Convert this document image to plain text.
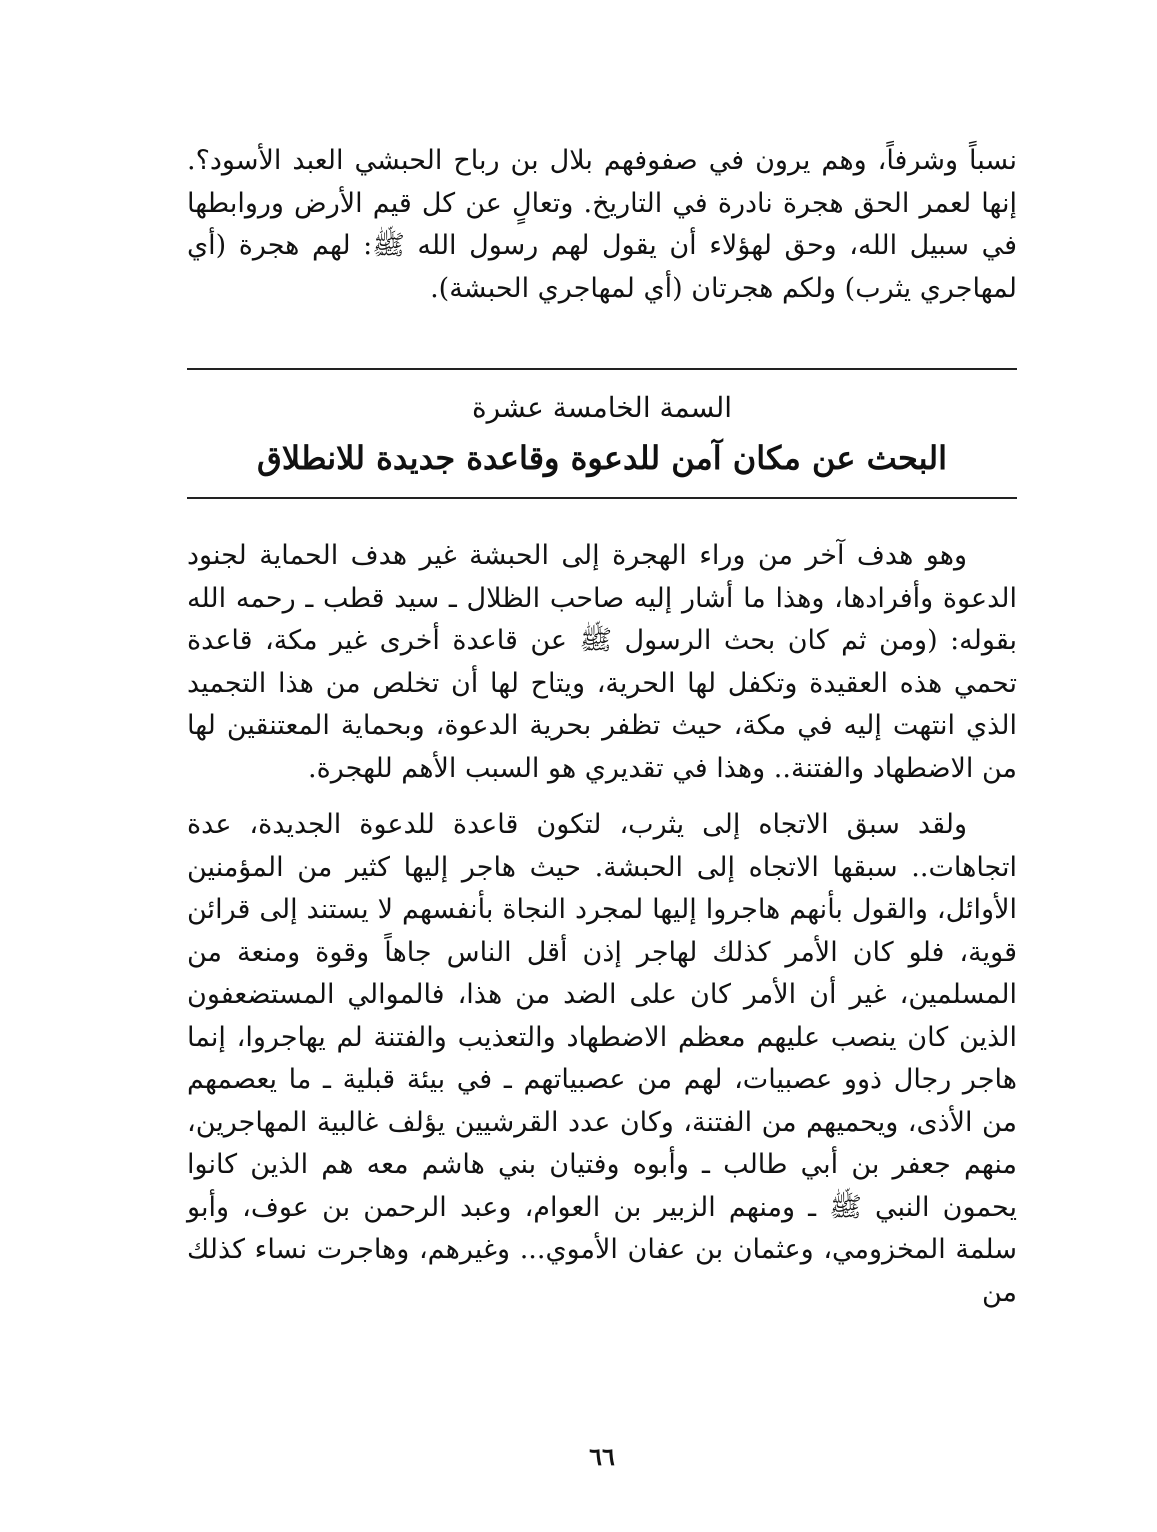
نسباً وشرفاً، وهم يرون في صفوفهم بلال بن رباح الحبشي العبد الأسود؟. إنها لعمر الحق هجرة نادرة في التاريخ. وتعالٍ عن كل قيم الأرض وروابطها في سبيل الله، وحق لهؤلاء أن يقول لهم رسول الله ﷺ: لهم هجرة (أي لمهاجري يثرب) ولكم هجرتان (أي لمهاجري الحبشة).

السمة الخامسة عشرة
البحث عن مكان آمن للدعوة وقاعدة جديدة للانطلاق

وهو هدف آخر من وراء الهجرة إلى الحبشة غير هدف الحماية لجنود الدعوة وأفرادها، وهذا ما أشار إليه صاحب الظلال ـ سيد قطب ـ رحمه الله بقوله: (ومن ثم كان بحث الرسول ﷺ عن قاعدة أخرى غير مكة، قاعدة تحمي هذه العقيدة وتكفل لها الحرية، ويتاح لها أن تخلص من هذا التجميد الذي انتهت إليه في مكة، حيث تظفر بحرية الدعوة، وبحماية المعتنقين لها من الاضطهاد والفتنة.. وهذا في تقديري هو السبب الأهم للهجرة.

ولقد سبق الاتجاه إلى يثرب، لتكون قاعدة للدعوة الجديدة، عدة اتجاهات.. سبقها الاتجاه إلى الحبشة. حيث هاجر إليها كثير من المؤمنين الأوائل، والقول بأنهم هاجروا إليها لمجرد النجاة بأنفسهم لا يستند إلى قرائن قوية، فلو كان الأمر كذلك لهاجر إذن أقل الناس جاهاً وقوة ومنعة من المسلمين، غير أن الأمر كان على الضد من هذا، فالموالي المستضعفون الذين كان ينصب عليهم معظم الاضطهاد والتعذيب والفتنة لم يهاجروا، إنما هاجر رجال ذوو عصبيات، لهم من عصبياتهم ـ في بيئة قبلية ـ ما يعصمهم من الأذى، ويحميهم من الفتنة، وكان عدد القرشيين يؤلف غالبية المهاجرين، منهم جعفر بن أبي طالب ـ وأبوه وفتيان بني هاشم معه هم الذين كانوا يحمون النبي ﷺ ـ ومنهم الزبير بن العوام، وعبد الرحمن بن عوف، وأبو سلمة المخزومي، وعثمان بن عفان الأموي... وغيرهم، وهاجرت نساء كذلك من

٦٦
